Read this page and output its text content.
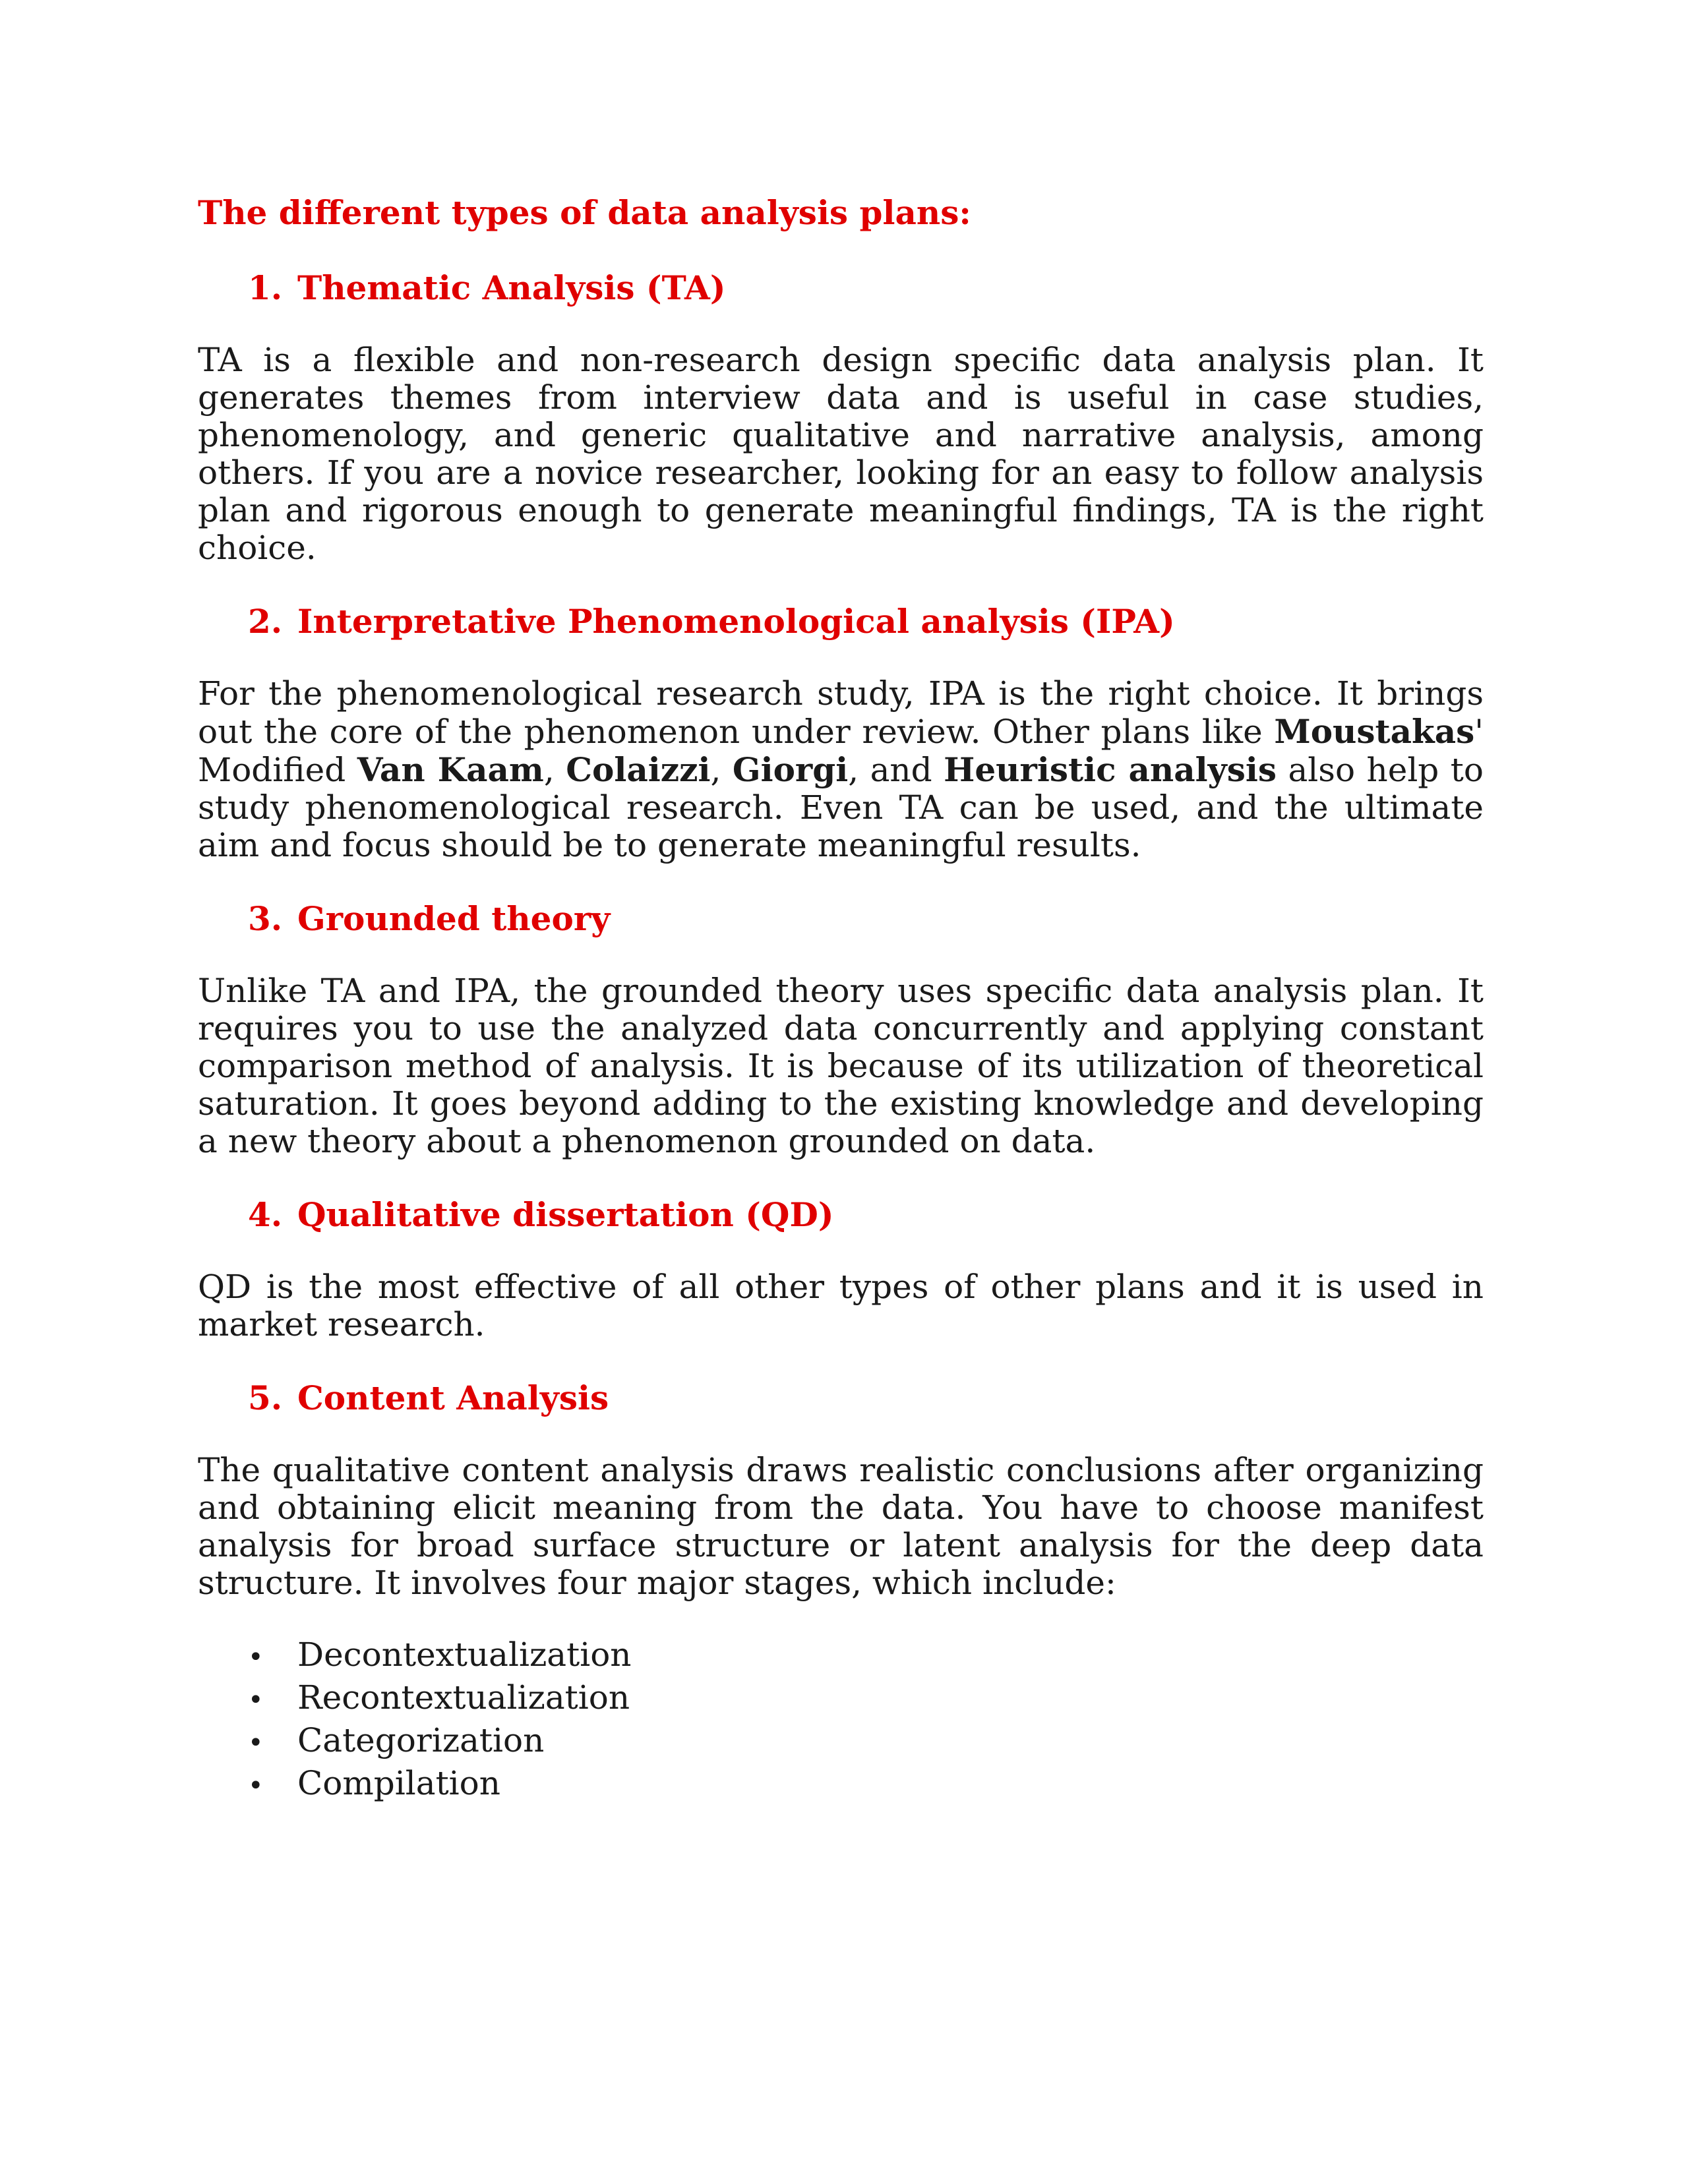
The different types of data analysis plans:
1. Thematic Analysis (TA)

TA is a flexible and non-research design specific data analysis plan. It generates themes from interview data and is useful in case studies, phenomenology, and generic qualitative and narrative analysis, among others. If you are a novice researcher, looking for an easy to follow analysis plan and rigorous enough to generate meaningful findings, TA is the right choice.

2. Interpretative Phenomenological analysis (IPA)

For the phenomenological research study, IPA is the right choice. It brings out the core of the phenomenon under review. Other plans like Moustakas' Modified Van Kaam, Colaizzi, Giorgi, and Heuristic analysis also help to study phenomenological research. Even TA can be used, and the ultimate aim and focus should be to generate meaningful results.

3. Grounded theory

Unlike TA and IPA, the grounded theory uses specific data analysis plan. It requires you to use the analyzed data concurrently and applying constant comparison method of analysis. It is because of its utilization of theoretical saturation. It goes beyond adding to the existing knowledge and developing a new theory about a phenomenon grounded on data.

4. Qualitative dissertation (QD)

QD is the most effective of all other types of other plans and it is used in market research.

5. Content Analysis

The qualitative content analysis draws realistic conclusions after organizing and obtaining elicit meaning from the data. You have to choose manifest analysis for broad surface structure or latent analysis for the deep data structure. It involves four major stages, which include:

•	Decontextualization
•	Recontextualization
•	Categorization
•	Compilation
